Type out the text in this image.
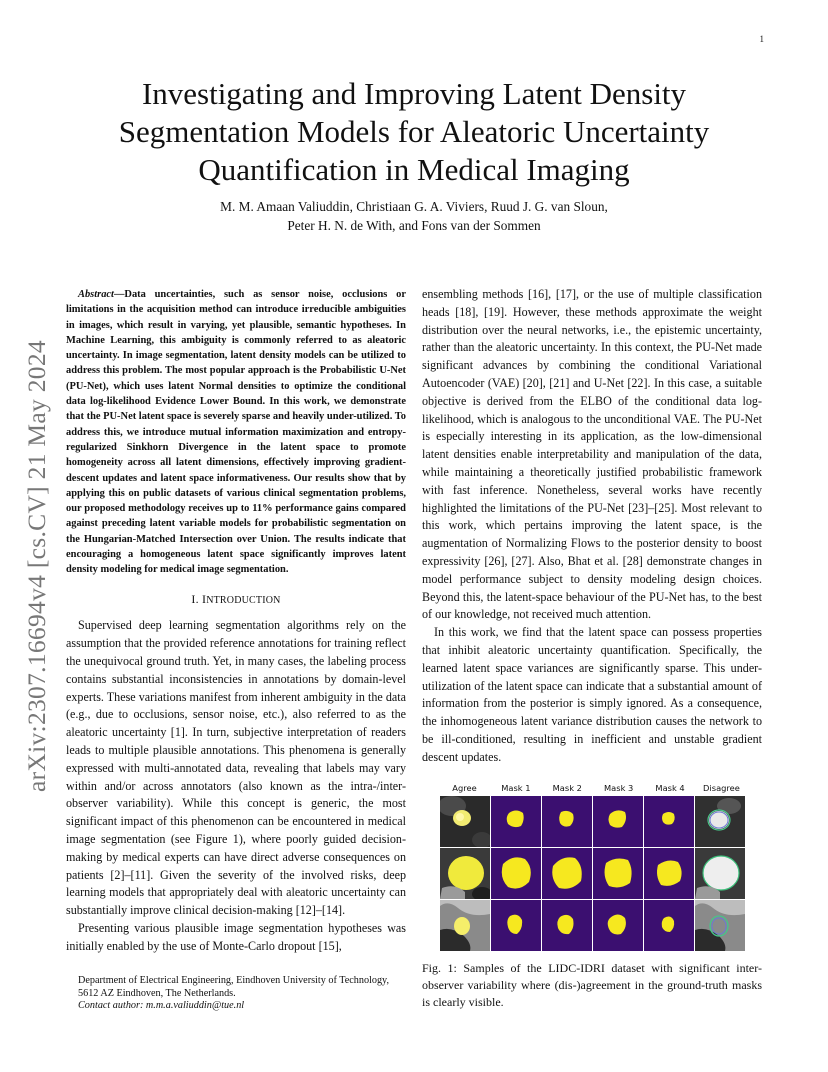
1
arXiv:2307.16694v4 [cs.CV] 21 May 2024
Investigating and Improving Latent Density
Segmentation Models for Aleatoric Uncertainty
Quantification in Medical Imaging
M. M. Amaan Valiuddin, Christiaan G. A. Viviers, Ruud J. G. van Sloun,
Peter H. N. de With, and Fons van der Sommen

Abstract—Data uncertainties, such as sensor noise, occlusions or limitations in the acquisition method can introduce irreducible ambiguities in images, which result in varying, yet plausible, semantic hypotheses. In Machine Learning, this ambiguity is commonly referred to as aleatoric uncertainty. In image segmentation, latent density models can be utilized to address this problem. The most popular approach is the Probabilistic U-Net (PU-Net), which uses latent Normal densities to optimize the conditional data log-likelihood Evidence Lower Bound. In this work, we demonstrate that the PU-Net latent space is severely sparse and heavily under-utilized. To address this, we introduce mutual information maximization and entropy-regularized Sinkhorn Divergence in the latent space to promote homogeneity across all latent dimensions, effectively improving gradient-descent updates and latent space informativeness. Our results show that by applying this on public datasets of various clinical segmentation problems, our proposed methodology receives up to 11% performance gains compared against preceding latent variable models for probabilistic segmentation on the Hungarian-Matched Intersection over Union. The results indicate that encouraging a homogeneous latent space significantly improves latent density modeling for medical image segmentation.

I. INTRODUCTION

Supervised deep learning segmentation algorithms rely on the assumption that the provided reference annotations for training reflect the unequivocal ground truth. Yet, in many cases, the labeling process contains substantial inconsistencies in annotations by domain-level experts. These variations manifest from inherent ambiguity in the data (e.g., due to occlusions, sensor noise, etc.), also referred to as the aleatoric uncertainty [1]. In turn, subjective interpretation of readers leads to multiple plausible annotations. This phenomena is generally expressed with multi-annotated data, revealing that labels may vary within and/or across annotators (also known as the intra-/inter- observer variability). While this concept is generic, the most significant impact of this phenomenon can be encountered in medical image segmentation (see Figure 1), where poorly guided decision-making by medical experts can have direct adverse consequences on patients [2]–[11]. Given the severity of the involved risks, deep learning models that appropriately deal with aleatoric uncertainty can substantially improve clinical decision-making [12]–[14].

Presenting various plausible image segmentation hypotheses was initially enabled by the use of Monte-Carlo dropout [15],

ensembling methods [16], [17], or the use of multiple classification heads [18], [19]. However, these methods approximate the weight distribution over the neural networks, i.e., the epistemic uncertainty, rather than the aleatoric uncertainty. In this context, the PU-Net made significant advances by combining the conditional Variational Autoencoder (VAE) [20], [21] and U-Net [22]. In this case, a suitable objective is derived from the ELBO of the conditional data log-likelihood, which is analogous to the unconditional VAE. The PU-Net is especially interesting in its application, as the low-dimensional latent densities enable interpretability and manipulation of the data, while maintaining a theoretically justified probabilistic framework with fast inference. Nonetheless, several works have recently highlighted the limitations of the PU-Net [23]–[25]. Most relevant to this work, which pertains improving the latent space, is the augmentation of Normalizing Flows to the posterior density to boost expressivity [26], [27]. Also, Bhat et al. [28] demonstrate changes in model performance subject to density modeling design choices. Beyond this, the latent-space behaviour of the PU-Net has, to the best of our knowledge, not received much attention.

In this work, we find that the latent space can possess properties that inhibit aleatoric uncertainty quantification. Specifically, the learned latent space variances are significantly sparse. This under-utilization of the latent space can indicate that a substantial amount of information from the posterior is simply ignored. As a consequence, the inhomogeneous latent variance distribution causes the network to be ill-conditioned, resulting in inefficient and unstable gradient descent updates.

Agree	Mask 1	Mask 2	Mask 3	Mask 4	Disagree
Fig. 1: Samples of the LIDC-IDRI dataset with significant inter-observer variability where (dis-)agreement in the ground-truth masks is clearly visible.
Department of Electrical Engineering, Eindhoven University of Technology, 5612 AZ Eindhoven, The Netherlands.
Contact author: m.m.a.valiuddin@tue.nl
